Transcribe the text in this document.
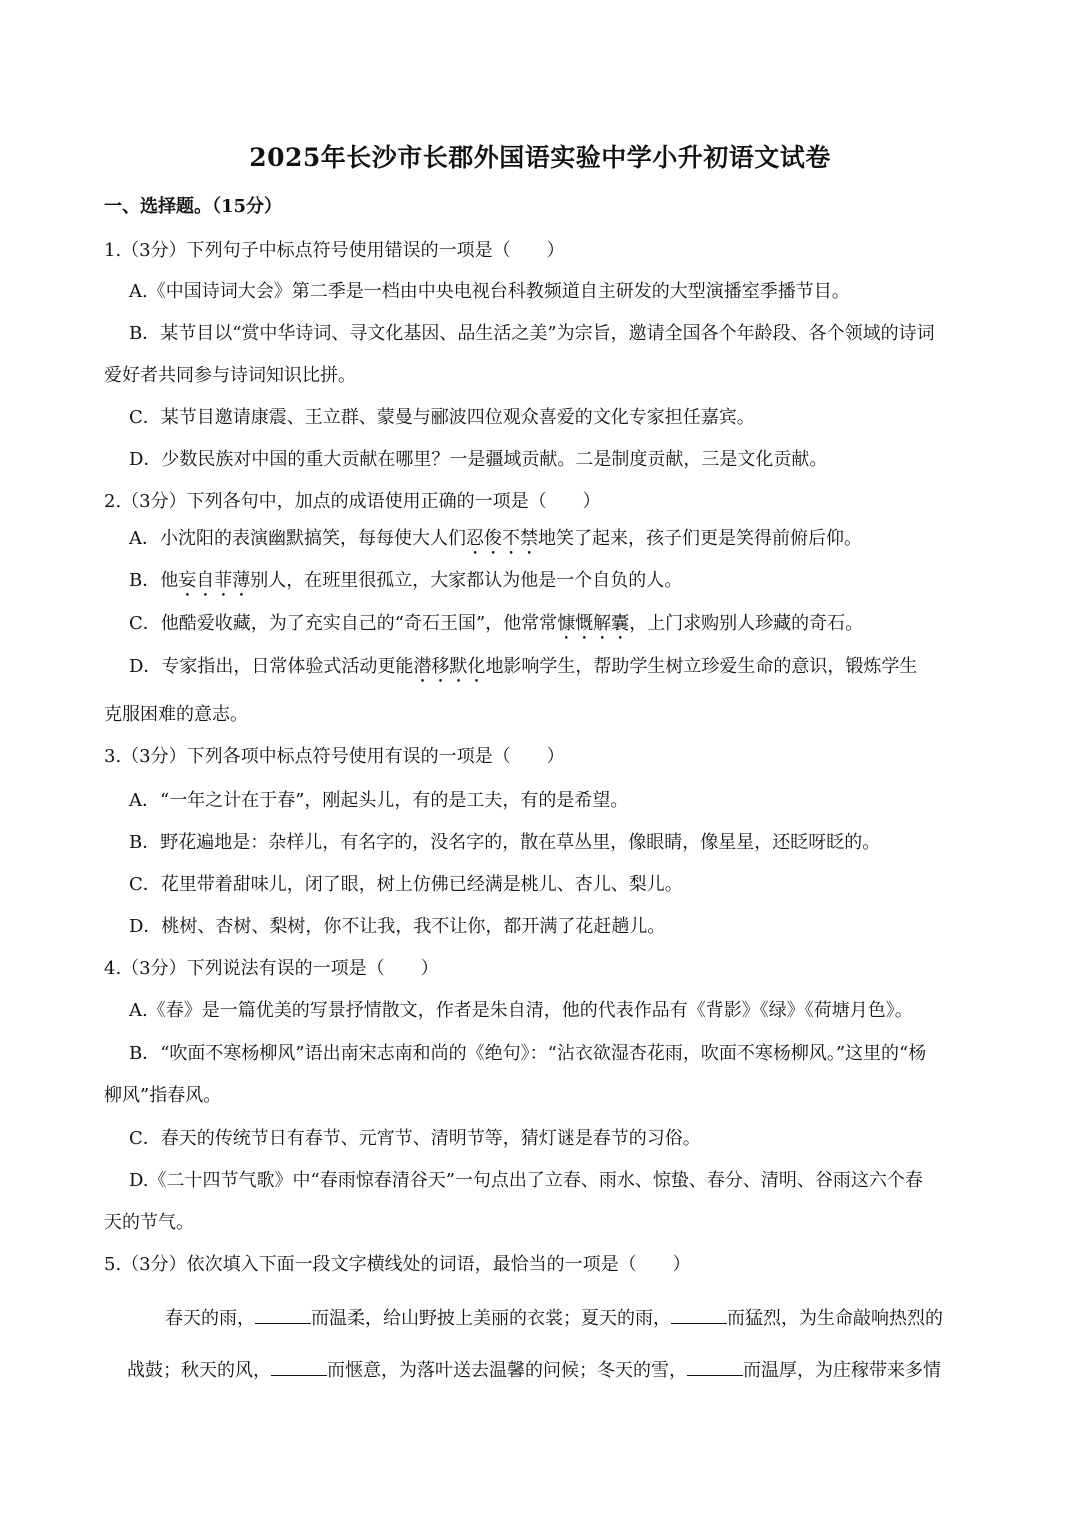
2025年长沙市长郡外国语实验中学小升初语文试卷
一、选择题。（15分）
1.（3分）下列句子中标点符号使用错误的一项是（　　）
A.《中国诗词大会》第二季是一档由中央电视台科教频道自主研发的大型演播室季播节目。
B．某节目以“赏中华诗词、寻文化基因、品生活之美”为宗旨，邀请全国各个年龄段、各个领域的诗词
爱好者共同参与诗词知识比拼。
C．某节目邀请康震、王立群、蒙曼与郦波四位观众喜爱的文化专家担任嘉宾。
D．少数民族对中国的重大贡献在哪里？一是疆域贡献。二是制度贡献，三是文化贡献。
2.（3分）下列各句中，加点的成语使用正确的一项是（　　）
A．小沈阳的表演幽默搞笑，每每使大人们忍俊不禁地笑了起来，孩子们更是笑得前俯后仰。
B．他妄自菲薄别人，在班里很孤立，大家都认为他是一个自负的人。
C．他酷爱收藏，为了充实自己的“奇石王国”，他常常慷慨解囊，上门求购别人珍藏的奇石。
D．专家指出，日常体验式活动更能潜移默化地影响学生，帮助学生树立珍爱生命的意识，锻炼学生
克服困难的意志。
3.（3分）下列各项中标点符号使用有误的一项是（　　）
A．“一年之计在于春”，刚起头儿，有的是工夫，有的是希望。
B．野花遍地是：杂样儿，有名字的，没名字的，散在草丛里，像眼睛，像星星，还眨呀眨的。
C．花里带着甜味儿，闭了眼，树上仿佛已经满是桃儿、杏儿、梨儿。
D．桃树、杏树、梨树，你不让我，我不让你，都开满了花赶趟儿。
4.（3分）下列说法有误的一项是（　　）
A.《春》是一篇优美的写景抒情散文，作者是朱自清，他的代表作品有《背影》《绿》《荷塘月色》。
B．“吹面不寒杨柳风”语出南宋志南和尚的《绝句》：“沾衣欲湿杏花雨，吹面不寒杨柳风。”这里的“杨
柳风”指春风。
C．春天的传统节日有春节、元宵节、清明节等，猜灯谜是春节的习俗。
D.《二十四节气歌》中“春雨惊春清谷天”一句点出了立春、雨水、惊蛰、春分、清明、谷雨这六个春
天的节气。
5.（3分）依次填入下面一段文字横线处的词语，最恰当的一项是（　　）
春天的雨，	而温柔，给山野披上美丽的衣裳；夏天的雨，	而猛烈，为生命敲响热烈的
战鼓；秋天的风，	而惬意，为落叶送去温馨的问候；冬天的雪，	而温厚，为庄稼带来多情
